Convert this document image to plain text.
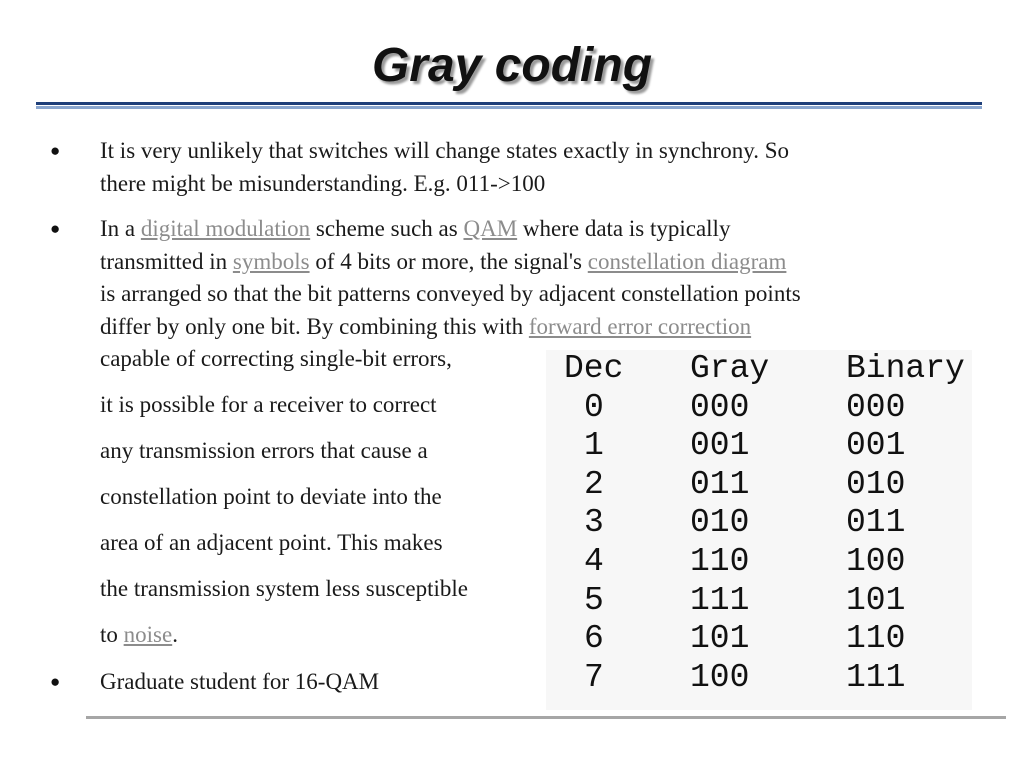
Gray coding
● It is very unlikely that switches will change states exactly in synchrony. So
there might be misunderstanding. E.g. 011->100
● In a digital modulation scheme such as QAM where data is typically
transmitted in symbols of 4 bits or more, the signal's constellation diagram
is arranged so that the bit patterns conveyed by adjacent constellation points
differ by only one bit. By combining this with forward error correction
capable of correcting single-bit errors,
it is possible for a receiver to correct
any transmission errors that cause a
constellation point to deviate into the
area of an adjacent point. This makes
the transmission system less susceptible
to noise.
● Graduate student for 16-QAM
Dec	Gray	Binary
0	000	000
1	001	001
2	011	010
3	010	011
4	110	100
5	111	101
6	101	110
7	100	111
